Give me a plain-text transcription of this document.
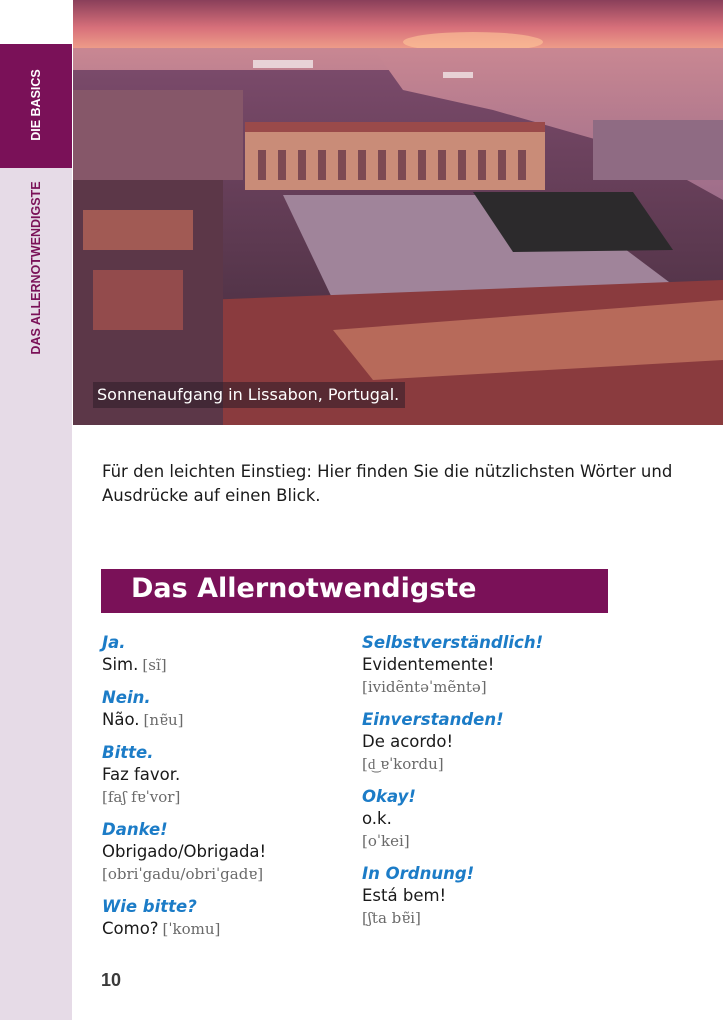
DIE BASICS
DAS ALLERNOTWENDIGSTE
Sonnenaufgang in Lissabon, Portugal.

Für den leichten Einstieg: Hier finden Sie die nützlichsten Wörter und Ausdrücke auf einen Blick.

Das Allernotwendigste
Ja.
Sim. [sĩ]
Nein.
Não. [nɐ̃u]
Bitte.
Faz favor.
[faʃ fɐˈvor]
Danke!
Obrigado/Obrigada!
[obriˈgadu/obriˈgadɐ]
Wie bitte?
Como? [ˈkomu]
Selbstverständlich!
Evidentemente!
[ividẽntəˈmẽntə]
Einverstanden!
De acordo!
[d͜ ɐˈkordu]
Okay!
o.k.
[oˈkei]
In Ordnung!
Está bem!
[ʃta bɐ̃i]
10
